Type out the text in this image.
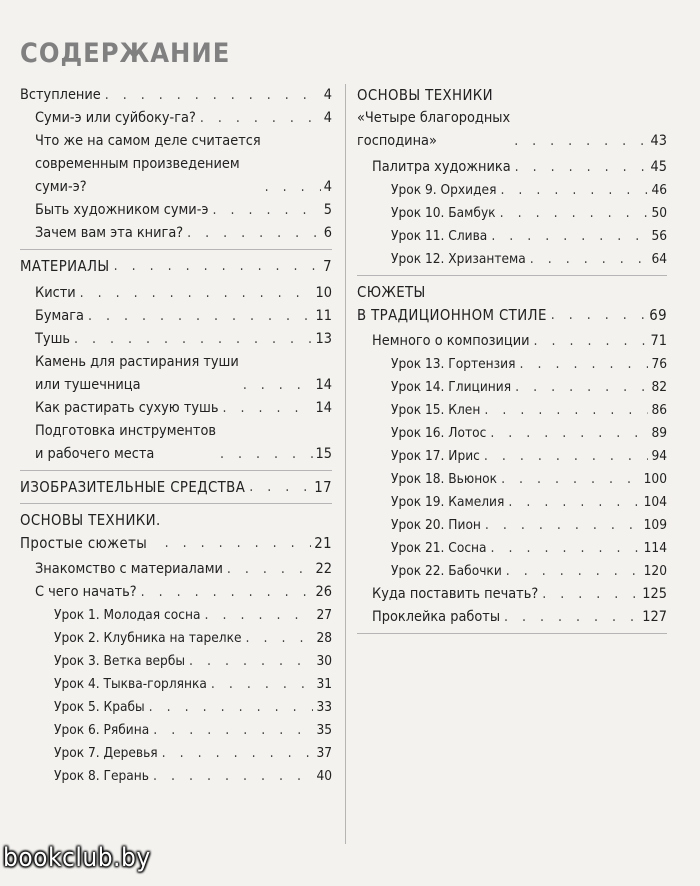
СОДЕРЖАНИЕ
Вступление . . .	4
Суми-э или суйбоку-га? . . .	4
Что же на самом деле считается
современным произведением
суми-э? . . .	4
Быть художником суми-э . . .	5
Зачем вам эта книга? . . .	6
МАТЕРИАЛЫ . . .	7
Кисти . . .	10
Бумага . . .	11
Тушь . . .	13
Камень для растирания туши
или тушечница . . .	14
Как растирать сухую тушь . . .	14
Подготовка инструментов
и рабочего места . . .	15
ИЗОБРАЗИТЕЛЬНЫЕ СРЕДСТВА . . .	17
ОСНОВЫ ТЕХНИКИ.
Простые сюжеты . . .	21
Знакомство с материалами . . .	22
С чего начать? . . .	26
Урок 1. Молодая сосна . . .	27
Урок 2. Клубника на тарелке . . .	28
Урок 3. Ветка вербы . . .	30
Урок 4. Тыква-горлянка . . .	31
Урок 5. Крабы . . .	33
Урок 6. Рябина . . .	35
Урок 7. Деревья . . .	37
Урок 8. Герань . . .	40
ОСНОВЫ ТЕХНИКИ
«Четыре благородных
господина» . . .	43
Палитра художника . . .	45
Урок 9. Орхидея . . .	46
Урок 10. Бамбук . . .	50
Урок 11. Слива . . .	56
Урок 12. Хризантема . . .	64
СЮЖЕТЫ
В ТРАДИЦИОННОМ СТИЛЕ . . .	69
Немного о композиции . . .	71
Урок 13. Гортензия . . .	76
Урок 14. Глициния . . .	82
Урок 15. Клен . . .	86
Урок 16. Лотос . . .	89
Урок 17. Ирис . . .	94
Урок 18. Вьюнок . . .	100
Урок 19. Камелия . . .	104
Урок 20. Пион . . .	109
Урок 21. Сосна . . .	114
Урок 22. Бабочки . . .	120
Куда поставить печать? . . .	125
Проклейка работы . . .	127
bookclub.by
